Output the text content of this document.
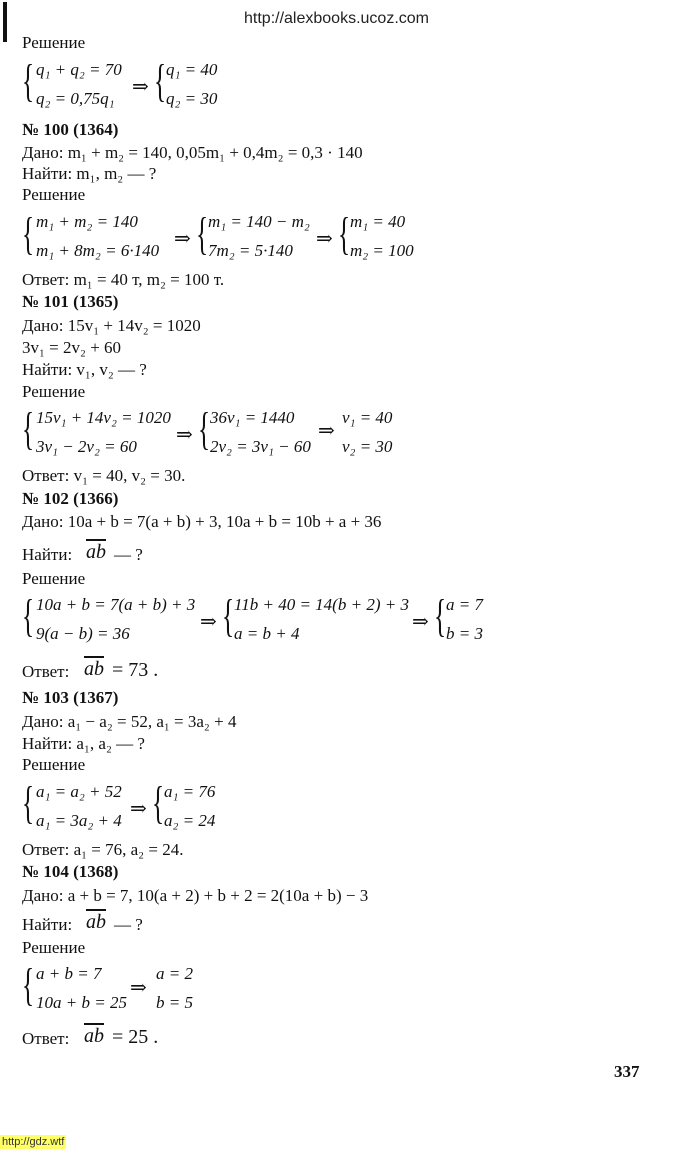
http://alexbooks.ucoz.com
Решение
{ q₁ + q₂ = 70
q₂ = 0,75q₁
⇒ { q₁ = 40
q₂ = 30
№ 100 (1364)
Дано: m₁ + m₂ = 140, 0,05m₁ + 0,4m₂ = 0,3 · 140
Найти: m₁, m₂ — ?
Решение
{ m₁ + m₂ = 140
m₁ + 8m₂ = 6·140
⇒ { m₁ = 140 − m₂
7m₂ = 5·140
⇒ { m₁ = 40
m₂ = 100
Ответ: m₁ = 40 т, m₂ = 100 т.
№ 101 (1365)
Дано: 15v₁ + 14v₂ = 1020
3v₁ = 2v₂ + 60
Найти: v₁, v₂ — ?
Решение
{ 15v₁ + 14v₂ = 1020
3v₁ − 2v₂ = 60
⇒ { 36v₁ = 1440
2v₂ = 3v₁ − 60
⇒
v₁ = 40
v₂ = 30
Ответ: v₁ = 40, v₂ = 30.
№ 102 (1366)
Дано: 10a + b = 7(a + b) + 3, 10a + b = 10b + a + 36
Найти: $\overline{ab}$ — ?
Решение
{ 10a + b = 7(a + b) + 3
9(a − b) = 36
⇒ { 11b + 40 = 14(b + 2) + 3
a = b + 4
⇒ { a = 7
b = 3
Ответ: $\overline{ab} = 73$ .
№ 103 (1367)
Дано: a₁ − a₂ = 52, a₁ = 3a₂ + 4
Найти: a₁, a₂ — ?
Решение
{ a₁ = a₂ + 52
a₁ = 3a₂ + 4
⇒ { a₁ = 76
a₂ = 24
Ответ: a₁ = 76, a₂ = 24.
№ 104 (1368)
Дано: a + b = 7, 10(a + 2) + b + 2 = 2(10a + b) − 3
Найти: $\overline{ab}$ — ?
Решение
{ a + b = 7
10a + b = 25
⇒
a = 2
b = 5
Ответ: $\overline{ab} = 25$ .
337
http://gdz.wtf
